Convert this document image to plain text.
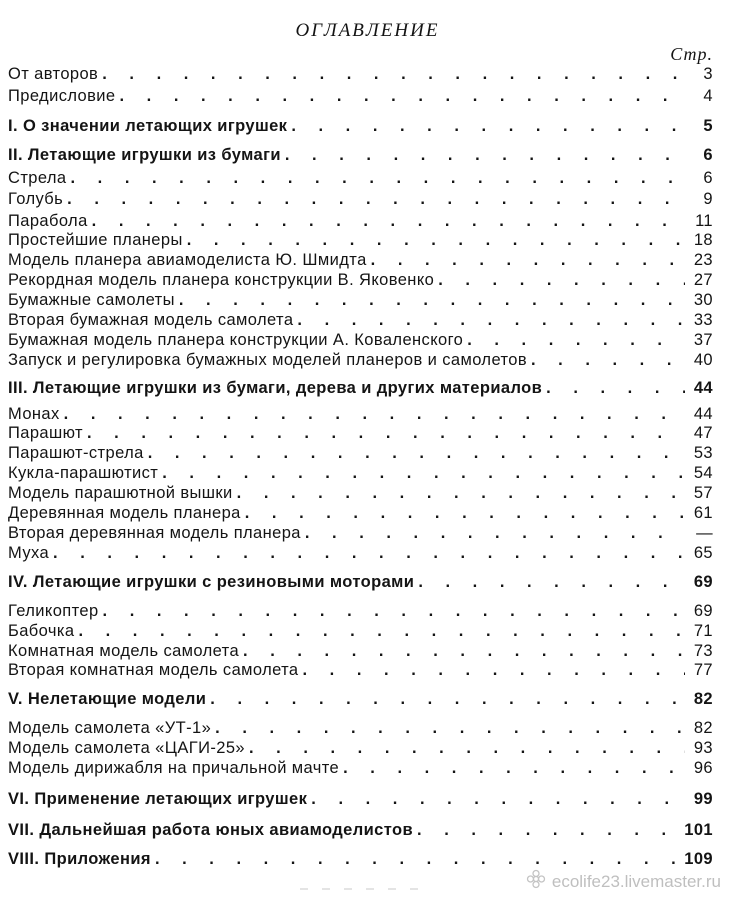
ОГЛАВЛЕНИЕ
Стр.
От авторов . . .	3
Предисловие . . .	4
I. О значении летающих игрушек . . .	5
II. Летающие игрушки из бумаги . . .	6
Стрела . . .	6
Голубь . . .	9
Парабола . . .	11
Простейшие планеры . . .	18
Модель планера авиамоделиста Ю. Шмидта . . .	23
Рекордная модель планера конструкции В. Яковенко . . .	27
Бумажные самолеты . . .	30
Вторая бумажная модель самолета . . .	33
Бумажная модель планера конструкции А. Коваленского . . .	37
Запуск и регулировка бумажных моделей планеров и самолетов . . .	40
III. Летающие игрушки из бумаги, дерева и других материалов . . .	44
Монах . . .	44
Парашют . . .	47
Парашют-стрела . . .	53
Кукла-парашютист . . .	54
Модель парашютной вышки . . .	57
Деревянная модель планера . . .	61
Вторая деревянная модель планера . . .	—
Муха . . .	65
IV. Летающие игрушки с резиновыми моторами . . .	69
Геликоптер . . .	69
Бабочка . . .	71
Комнатная модель самолета . . .	73
Вторая комнатная модель самолета . . .	77
V. Нелетающие модели . . .	82
Модель самолета «УТ-1» . . .	82
Модель самолета «ЦАГИ-25» . . .	93
Модель дирижабля на причальной мачте . . .	96
VI. Применение летающих игрушек . . .	99
VII. Дальнейшая работа юных авиамоделистов . . .	101
VIII. Приложения . . .	109
ecolife23.livemaster.ru
